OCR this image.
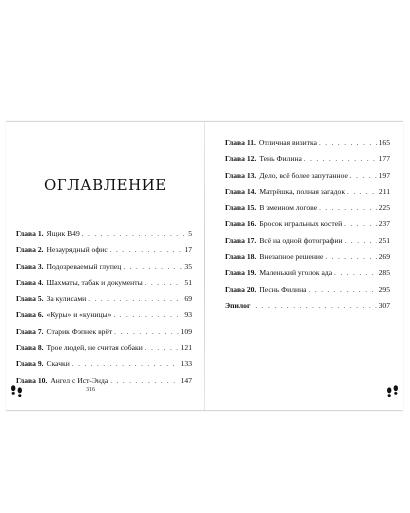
ОГЛАВЛЕНИЕ
Глава 1. Ящик В49 . . .	5
Глава 2. Незаурядный офис . . .	17
Глава 3. Подозреваемый глупец . . .	35
Глава 4. Шахматы, табак и документы . . .	51
Глава 5. За кулисами . . .	69
Глава 6. «Куры» и «куницы» . . .	93
Глава 7. Старик Фэпнек врёт . . .	109
Глава 8. Трое людей, не считая собаки . . .	121
Глава 9. Скачки . . .	133
Глава 10. Ангел с Ист-Энда . . .	147
316
Глава 11. Отличная визитка . . .	165
Глава 12. Тень Филина . . .	177
Глава 13. Дело, всё более запутанное . . .	197
Глава 14. Матрёшка, полная загадок . . .	211
Глава 15. В змеином логове . . .	225
Глава 16. Бросок игральных костей . . .	237
Глава 17. Всё на одной фотографии . . .	251
Глава 18. Внезапное решение . . .	269
Глава 19. Маленький уголок ада . . .	285
Глава 20. Песнь Филина . . .	295
Эпилог . . .	307
